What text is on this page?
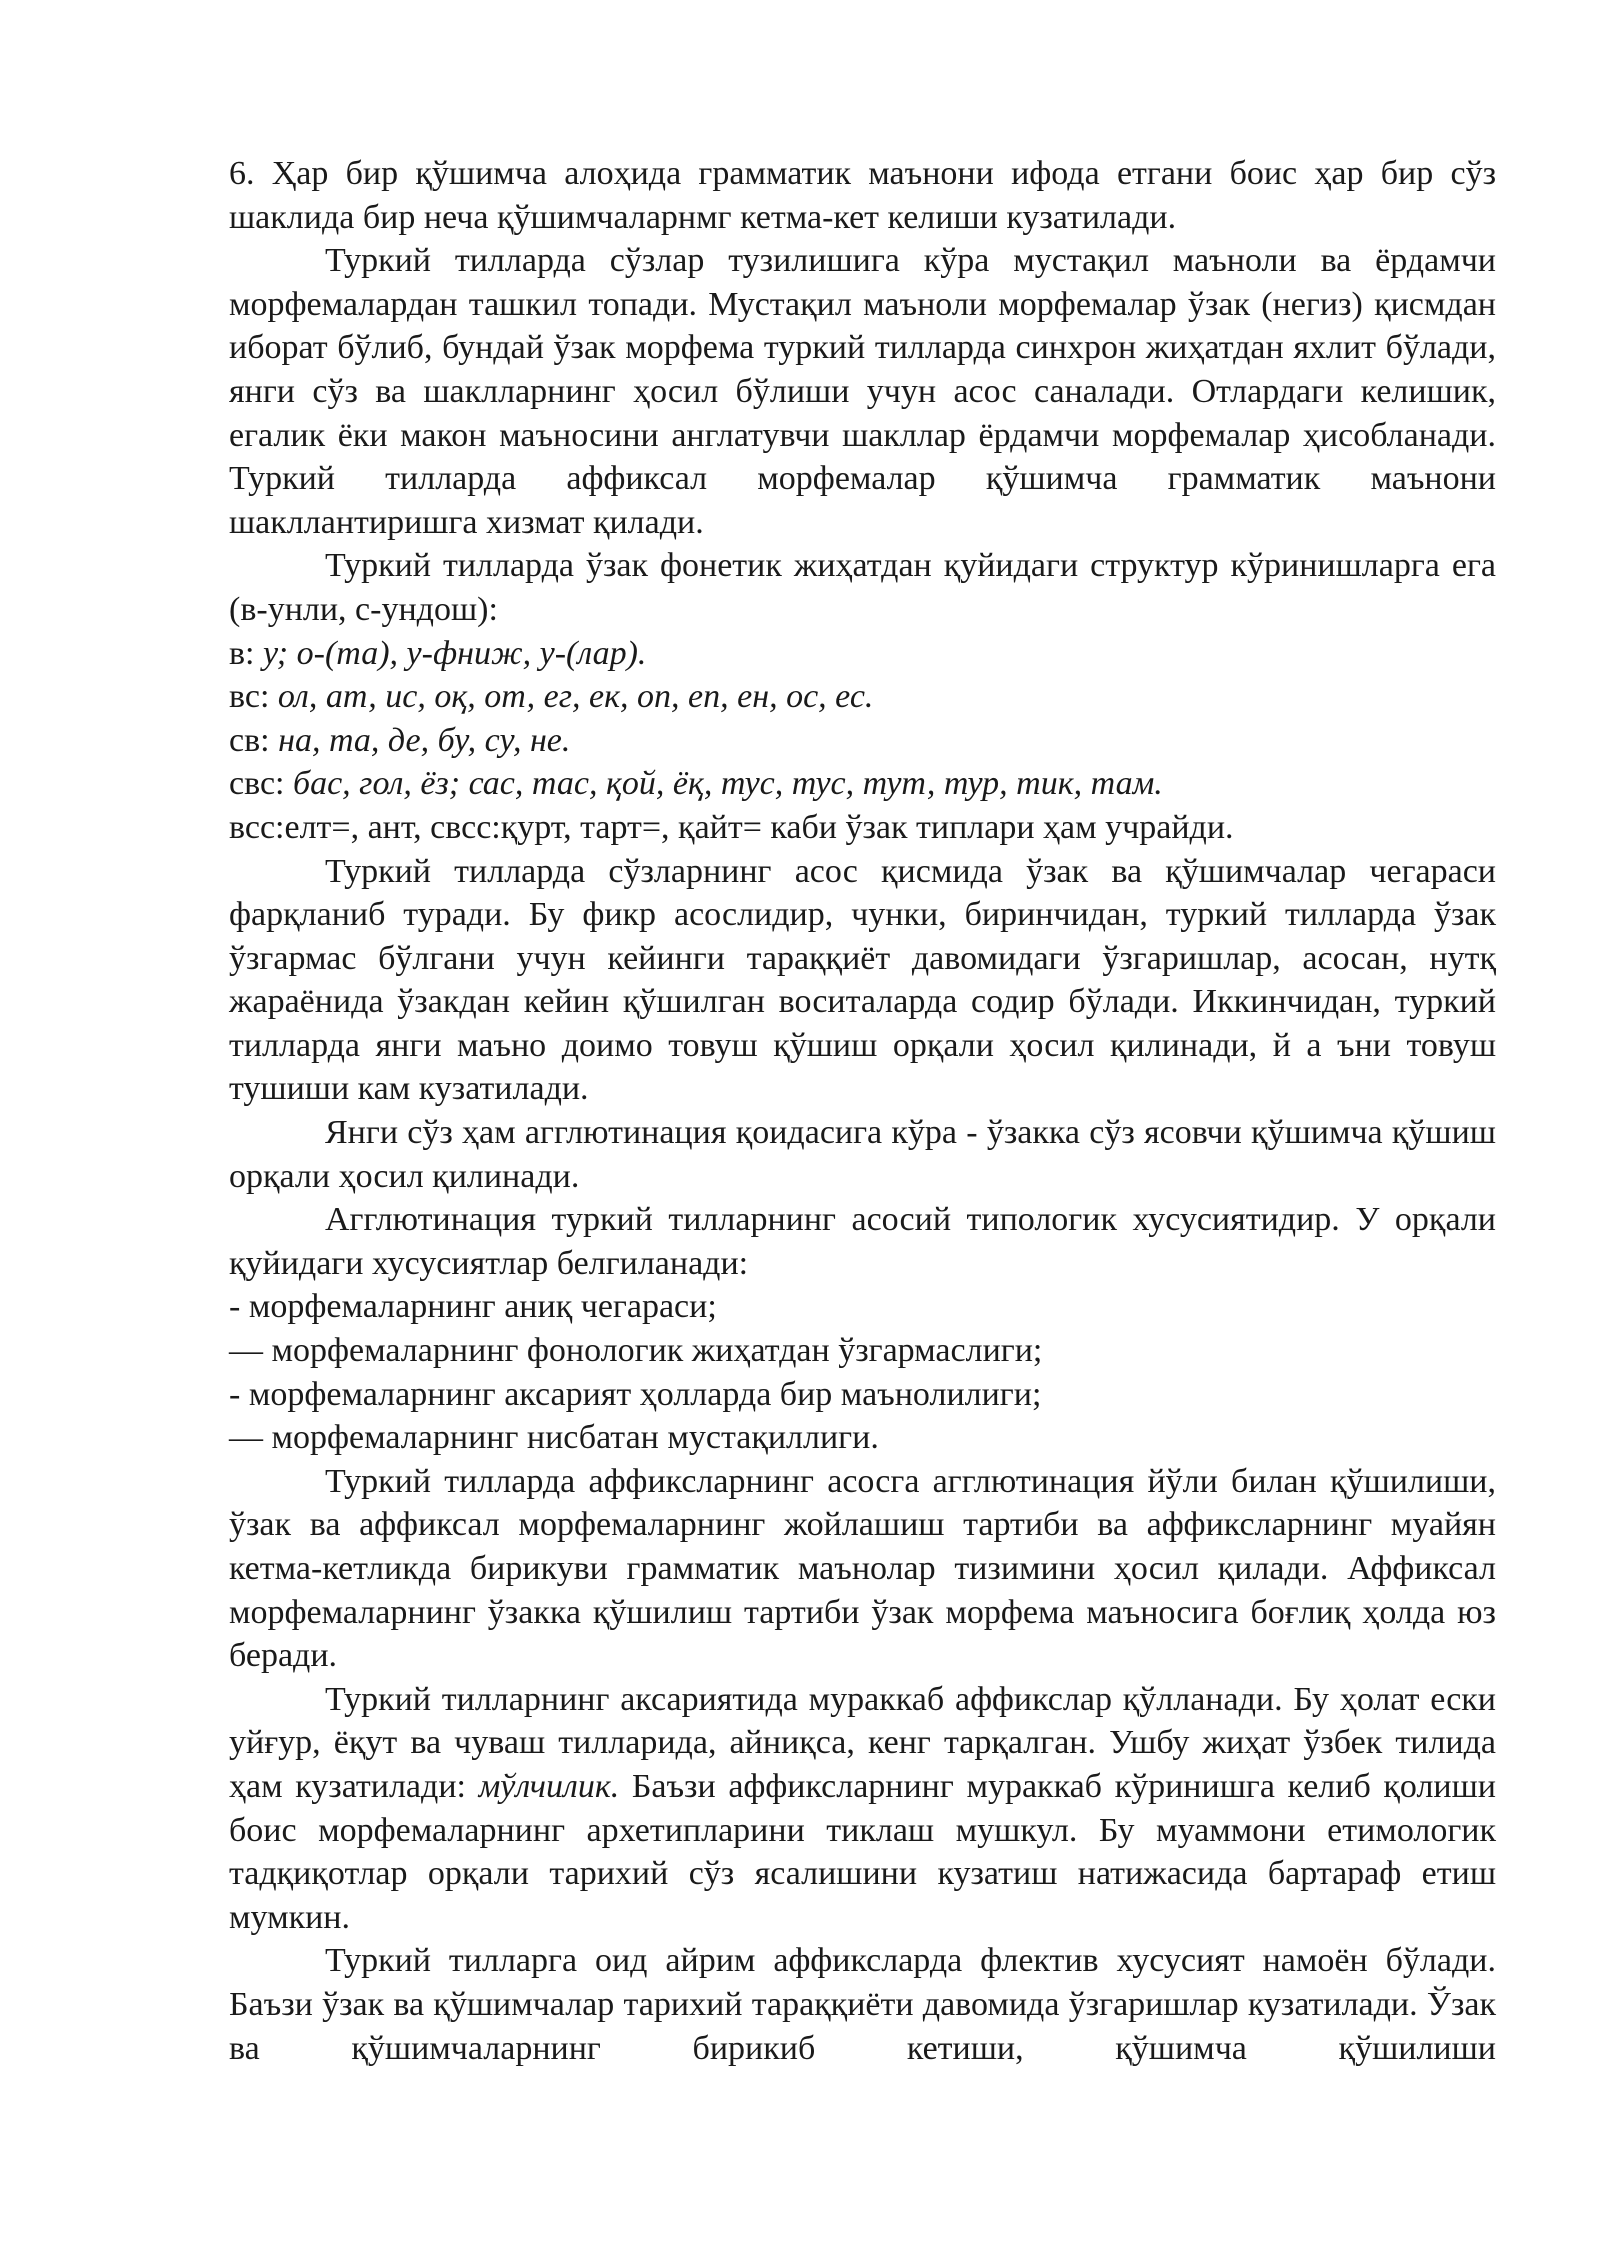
6. Ҳар бир қўшимча алоҳида грамматик маънони ифода етгани боис ҳар бир сўз шаклида бир неча қўшимчаларнмг кетма-кет келиши кузатилади.

Туркий тилларда сўзлар тузилишига кўра мустақил маъноли ва ёрдамчи морфемалардан ташкил топади. Мустақил маъноли морфемалар ўзак (негиз) қисмдан иборат бўлиб, бундай ўзак морфема туркий тилларда синхрон жиҳатдан яхлит бўлади, янги сўз ва шаклларнинг ҳосил бўлиши учун асос саналади. Отлардаги келишик, егалик ёки макон маъносини англатувчи шакллар ёрдамчи морфемалар ҳисобланади. Туркий тилларда аффиксал морфемалар қўшимча грамматик маънони шакллантиришга хизмат қилади.

Туркий тилларда ўзак фонетик жиҳатдан қуйидаги структур кўринишларга ега (в-унли, с-ундош):

в: у; о-(та), у-фниж, у-(лар).

вс: ол, ат, ис, оқ, от, ег, ек, оп, еп, ен, ос, ес.

св: на, та, де, бу, су, не.

свс: бас, гол, ёз; сас, тас, қой, ёқ, тус, тус, тут, тур, тик, там.

всс:елт=, ант, свсс:қурт, тарт=, қайт= каби ўзак типлари ҳам учрайди.

Туркий тилларда сўзларнинг асос қисмида ўзак ва қўшимчалар чегараси фарқланиб туради. Бу фикр асослидир, чунки, биринчидан, туркий тилларда ўзак ўзгармас бўлгани учун кейинги тараққиёт давомидаги ўзгаришлар, асосан, нутқ жараёнида ўзакдан кейин қўшилган воситаларда содир бўлади. Иккинчидан, туркий тилларда янги маъно доимо товуш қўшиш орқали ҳосил қилинади, й а ъни товуш тушиши кам кузатилади.

Янги сўз ҳам агглютинация қоидасига кўра - ўзакка сўз ясовчи қўшимча қўшиш орқали ҳосил қилинади.

Агглютинация туркий тилларнинг асосий типологик хусусиятидир. У орқали қуйидаги хусусиятлар белгиланади:

- морфемаларнинг аниқ чегараси;

— морфемаларнинг фонологик жиҳатдан ўзгармаслиги;

- морфемаларнинг аксарият ҳолларда бир маънолилиги;

— морфемаларнинг нисбатан мустақиллиги.

Туркий тилларда аффиксларнинг асосга агглютинация йўли билан қўшилиши, ўзак ва аффиксал морфемаларнинг жойлашиш тартиби ва аффиксларнинг муайян кетма-кетликда бирикуви грамматик маънолар тизимини ҳосил қилади. Аффиксал морфемаларнинг ўзакка қўшилиш тартиби ўзак морфема маъносига боғлиқ ҳолда юз беради.

Туркий тилларнинг аксариятида мураккаб аффикслар қўлланади. Бу ҳолат ески уйғур, ёқут ва чуваш тилларида, айниқса, кенг тарқалган. Ушбу жиҳат ўзбек тилида ҳам кузатилади: мўлчилик. Баъзи аффиксларнинг мураккаб кўринишга келиб қолиши боис морфемаларнинг архетипларини тиклаш мушкул. Бу муаммони етимологик тадқиқотлар орқали тарихий сўз ясалишини кузатиш натижасида бартараф етиш мумкин.

Туркий тилларга оид айрим аффиксларда флектив хусусият намоён бўлади. Баъзи ўзак ва қўшимчалар тарихий тараққиёти давомида ўзгаришлар кузатилади. Ўзак ва қўшимчаларнинг бирикиб кетиши, қўшимча қўшилиши
